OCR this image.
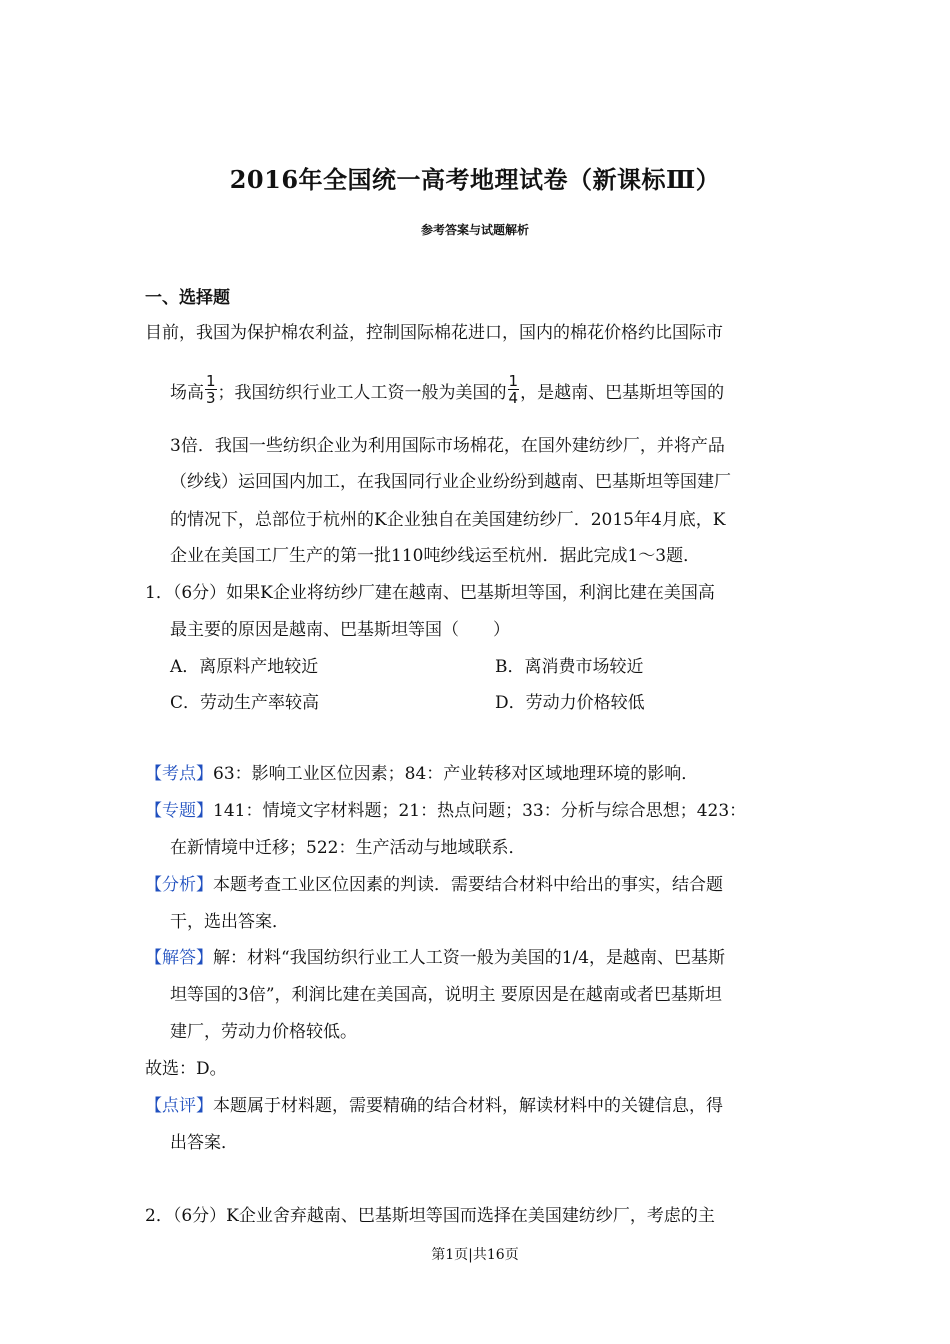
2016年全国统一高考地理试卷（新课标Ⅲ）
参考答案与试题解析
一、选择题
目前，我国为保护棉农利益，控制国际棉花进口，国内的棉花价格约比国际市
场高 $\frac{1}{3}$ ；我国纺织行业工人工资一般为美国的 $\frac{1}{4}$ ，是越南、巴基斯坦等国的
3倍．我国一些纺织企业为利用国际市场棉花，在国外建纺纱厂，并将产品
（纱线）运回国内加工，在我国同行业企业纷纷到越南、巴基斯坦等国建厂
的情况下，总部位于杭州的K企业独自在美国建纺纱厂．2015年4月底，K
企业在美国工厂生产的第一批110吨纱线运至杭州．据此完成1～3题．
1．（6分）如果K企业将纺纱厂建在越南、巴基斯坦等国，利润比建在美国高
最主要的原因是越南、巴基斯坦等国（　　）
A．离原料产地较近	B．离消费市场较近
C．劳动生产率较高	D．劳动力价格较低
【考点】63：影响工业区位因素；84：产业转移对区域地理环境的影响．
【专题】141：情境文字材料题；21：热点问题；33：分析与综合思想；423：
在新情境中迁移；522：生产活动与地域联系．
【分析】本题考查工业区位因素的判读．需要结合材料中给出的事实，结合题
干，选出答案．
【解答】解：材料“我国纺织行业工人工资一般为美国的1/4，是越南、巴基斯
坦等国的3倍”，利润比建在美国高，说明主 要原因是在越南或者巴基斯坦
建厂，劳动力价格较低。
故选：D。
【点评】本题属于材料题，需要精确的结合材料，解读材料中的关键信息，得
出答案．
2．（6分）K企业舍弃越南、巴基斯坦等国而选择在美国建纺纱厂，考虑的主
第1页|共16页
